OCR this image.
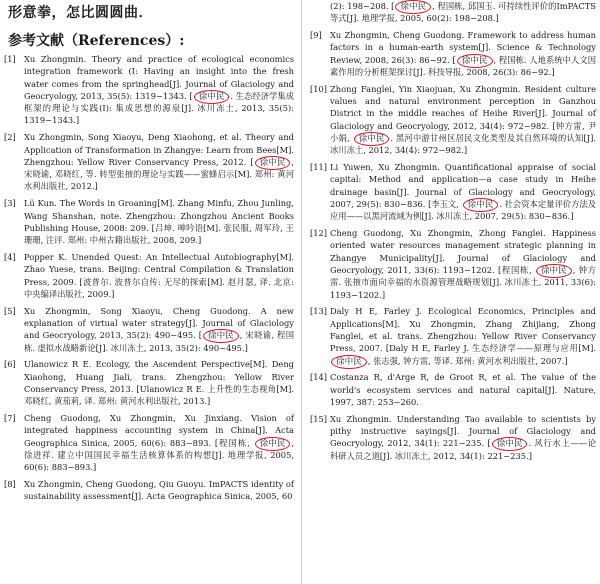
形意拳，怎比圆圆曲．
参考文献（References）:
[1] Xu Zhongmin. Theory and practice of ecological economics integration framework (I: Having an insight into the fresh water comes from the springhead[J]. Journal of Glaciology and Geocryology, 2013, 35(5): 1319−1343. [ 徐中民 . 生态经济学集成框架的理论与实践(I): 集成思想的源泉[J]. 冰川冻土, 2013, 35(5): 1319−1343.]
[2] Xu Zhongmin, Song Xiaoyu, Deng Xiaohong, et al. Theory and Application of Transformation in Zhangye: Learn from Bees[M]. Zhengzhou: Yellow River Conservancy Press, 2012. [ 徐中民 , 宋晓谕, 邓晓红, 等. 转型张掖的理论与实践——蜜蜂启示[M]. 郑州: 黄河水利出版社, 2012.]
[3] Lü Kun. The Words in Groaning[M]. Zhang Minfu, Zhou Junling, Wang Shanshan, note. Zhengzhou: Zhongzhou Ancient Books Publishing House, 2008: 209. [吕坤. 呻吟语[M]. 张民服, 周军玲, 王珊珊, 注评. 郑州: 中州古籍出版社, 2008, 209.]
[4] Popper K. Unended Quest: An Intellectual Autobiography[M]. Zhao Yuese, trans. Beijing: Central Compilation & Translation Press, 2009. [波普尔. 波普尔自传: 无尽的探索[M]. 赵月瑟, 译. 北京: 中央编译出版社, 2009.]
[5] Xu Zhongmin, Song Xiaoyu, Cheng Guodong. A new explanation of virtual water strategy[J]. Journal of Glaciology and Geocryology, 2013, 35(2): 490−495. [ 徐中民 , 宋晓谕, 程国栋. 虚拟水战略新论[J]. 冰川冻土, 2013, 35(2): 490−495.]
[6] Ulanowicz R E. Ecology, the Ascendent Perspective[M]. Deng Xiaohong, Huang Jiali, trans. Zhengzhou: Yellow River Conservancy Press, 2013. [Ulanowicz R E. 上升性的生态视角[M]. 邓晓红, 黄茄莉, 译. 郑州: 黄河水利出版社, 2013.]
[7] Cheng Guodong, Xu Zhongmin, Xu Jinxiang. Vision of integrated happiness accounting system in China[J]. Acta Geographica Sinica, 2005, 60(6): 883−893. [程国栋, 徐中民 , 徐进祥. 建立中国国民幸福生活核算体系的构想[J]. 地理学报, 2005, 60(6): 883−893.]
[8] Xu Zhongmin, Cheng Guodong, Qiu Guoyu. ImPACTS identity of sustainability assessment[J]. Acta Geographica Sinica, 2005, 60
(2): 198−208. [ 徐中民 , 程国栋, 邱国玉. 可持续性评价的ImPACTS等式[J]. 地理学报, 2005, 60(2): 198−208.]
[9] Xu Zhongmin, Cheng Guodong. Framework to address human factors in a human-earth system[J]. Science & Technology Review, 2008, 26(3): 86−92. [ 徐中民 , 程国栋. 人地系统中人文因素作用的分析框架探讨[J]. 科技导报, 2008, 26(3): 86−92.]
[10] Zhong Fanglei, Yin Xiaojuan, Xu Zhongmin. Resident culture values and natural environment perception in Ganzhou District in the middle reaches of Heihe River[J]. Journal of Glaciology and Geocryology, 2012, 34(4): 972−982. [钟方雷, 尹小娟, 徐中民 . 黑河中游甘州区居民文化类型及其自然环境的认知[J]. 冰川冻土, 2012, 34(4): 972−982.]
[11] Li Yuwen, Xu Zhongmin. Quantificational appraise of social capital: Method and application—a case study in Heihe drainage basin[J]. Journal of Glaciology and Geocryology, 2007, 29(5): 830−836. [李玉文, 徐中民 . 社会资本定量评价方法及应用——以黑河流域为例[J]. 冰川冻土, 2007, 29(5): 830−836.]
[12] Cheng Guodong, Xu Zhongmin, Zhong Fanglei. Happiness oriented water resources management strategic planning in Zhangye Municipality[J]. Journal of Glaciology and Geocryology, 2011, 33(6): 1193−1202. [程国栋, 徐中民 , 钟方雷. 张掖市面向幸福的水资源管理战略规划[J]. 冰川冻土, 2011, 33(6): 1193−1202.]
[13] Daly H E, Farley J. Ecological Economics, Principles and Applications[M]. Xu Zhongmin, Zhang Zhijiang, Zhong Fanglei, et al. trans. Zhengzhou: Yellow River Conservancy Press, 2007. [Daly H E, Farley J. 生态经济学——原理与应用[M]. 徐中民 , 张志强, 钟方雷, 等译. 郑州: 黄河水利出版社, 2007.]
[14] Costanza R, d'Arge R, de Groot R, et al. The value of the world's ecosystem services and natural capital[J]. Nature, 1997, 387: 253−260.
[15] Xu Zhongmin. Understanding Tao available to scientists by pithy instructive sayings[J]. Journal of Glaciology and Geocryology, 2012, 34(1): 221−235. [ 徐中民 . 风行水上——论科研人员之道[J]. 冰川冻土, 2012, 34(1): 221−235.]
